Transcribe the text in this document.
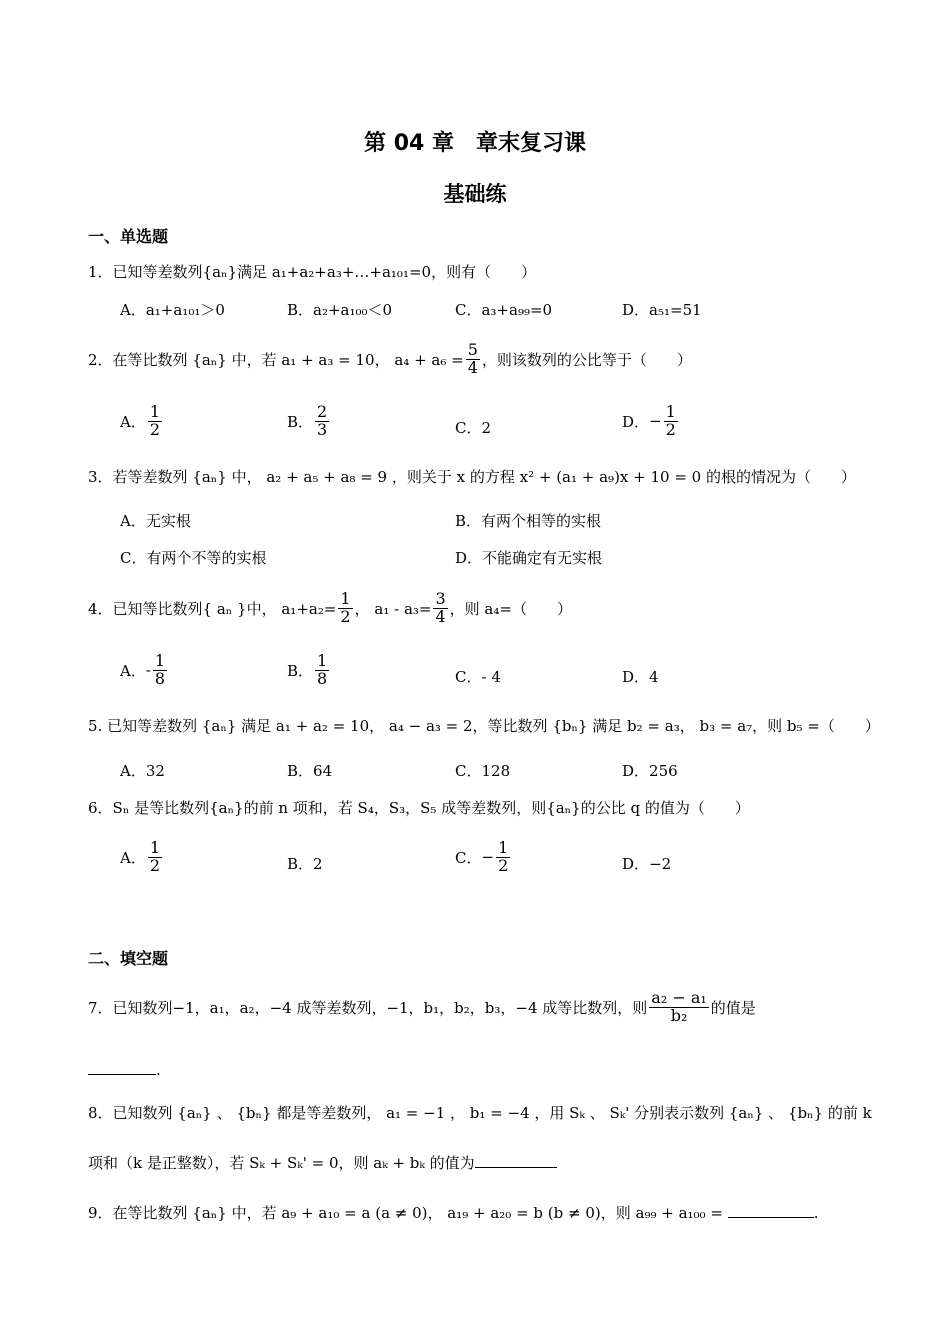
第 04 章　章末复习课
基础练
一、单选题
1．已知等差数列{aₙ}满足 a₁+a₂+a₃+…+a₁₀₁=0，则有（　　）
A．a₁+a₁₀₁＞0	B．a₂+a₁₀₀＜0	C．a₃+a₉₉=0	D．a₅₁=51
2．在等比数列 {aₙ} 中，若 a₁ + a₃ = 10， $a_4 + a_6 = \frac{5}{4}$ ，则该数列的公比等于（　　）
A． $\frac{1}{2}$	B． $\frac{2}{3}$	C．2	D． − $\frac{1}{2}$
3．若等差数列 {aₙ} 中， a₂ + a₅ + a₈ = 9 ，则关于 x 的方程 x² + (a₁ + a₉)x + 10 = 0 的根的情况为（　　）
A．无实根	B．有两个相等的实根
C．有两个不等的实根	D．不能确定有无实根
4．已知等比数列{ aₙ }中， $a_1+a_2= \frac{1}{2}$ ， $a_1 - a_3= \frac{3}{4}$ ，则 a₄=（　　）
A． - $\frac{1}{8}$	B． $\frac{1}{8}$	C．- 4	D．4
5. 已知等差数列 {aₙ} 满足 a₁ + a₂ = 10， a₄ − a₃ = 2，等比数列 {bₙ} 满足 b₂ = a₃， b₃ = a₇，则 b₅ =（　　）
A．32	B．64	C．128	D．256
6．Sₙ 是等比数列{aₙ}的前 n 项和，若 S₄，S₃，S₅ 成等差数列，则{aₙ}的公比 q 的值为（　　）
A． $\frac{1}{2}$	B．2	C． − $\frac{1}{2}$	D．−2
二、填空题
7．已知数列−1，a₁，a₂，−4 成等差数列，−1，b₁，b₂，b₃，−4 成等比数列，则 $\frac{\text{a₂ − a₁}}{\text{b₂}}$ 的值是
.
8．已知数列 {aₙ} 、 {bₙ} 都是等差数列， a₁ = −1 ， b₁ = −4 ，用 Sₖ 、 Sₖ' 分别表示数列 {aₙ} 、 {bₙ} 的前 k
项和（k 是正整数），若 Sₖ + Sₖ' = 0，则 aₖ + bₖ 的值为
9．在等比数列 {aₙ} 中，若 a₉ + a₁₀ = a (a ≠ 0)， a₁₉ + a₂₀ = b (b ≠ 0)，则 a₉₉ + a₁₀₀ =	.
